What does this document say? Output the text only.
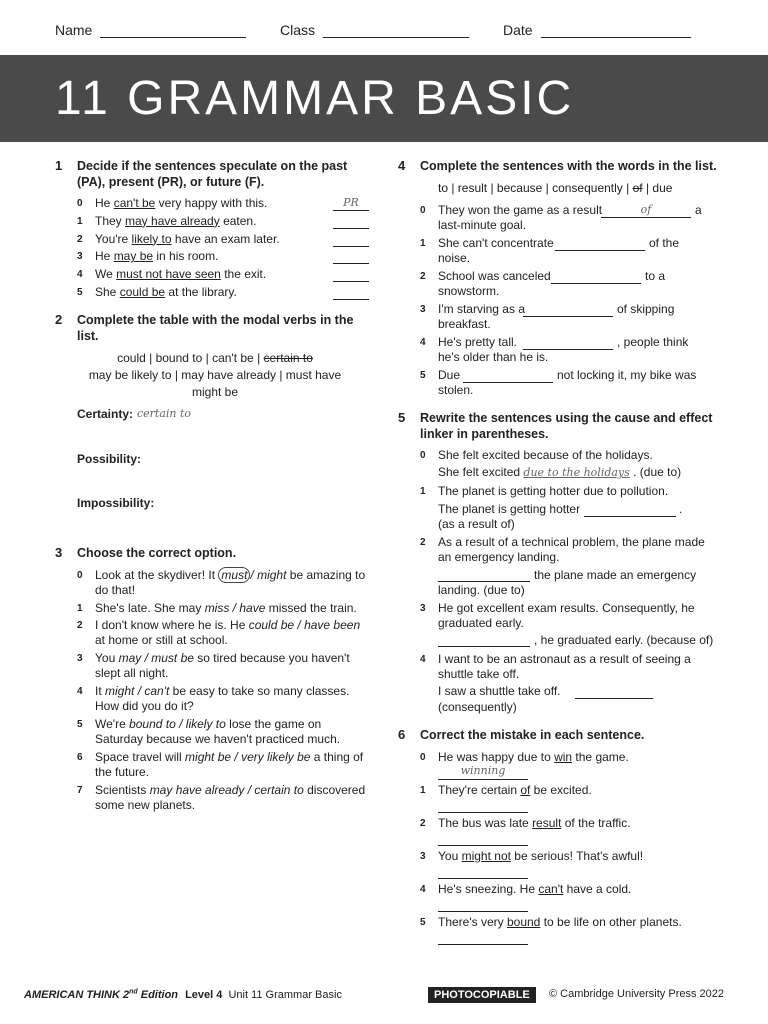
Name	Class	Date
11 GRAMMAR BASIC
1 Decide if the sentences speculate on the past (PA), present (PR), or future (F).
0 He can't be very happy with this.	PR
1 They may have already eaten.
2 You're likely to have an exam later.
3 He may be in his room.
4 We must not have seen the exit.
5 She could be at the library.
2 Complete the table with the modal verbs in the list.
could | bound to | can't be | certain to
may be likely to | may have already | must have
might be
Certainty: certain to
Possibility:
Impossibility:
3 Choose the correct option.
0 Look at the skydiver! It must / might be amazing to
do that!
1 She's late. She may miss / have missed the train.
2 I don't know where he is. He could be / have been
at home or still at school.
3 You may / must be so tired because you haven't
slept all night.
4 It might / can't be easy to take so many classes.
How did you do it?
5 We're bound to / likely to lose the game on
Saturday because we haven't practiced much.
6 Space travel will might be / very likely be a thing of
the future.
7 Scientists may have already / certain to discovered
some new planets.
4 Complete the sentences with the words in the list.
to | result | because | consequently | of | due
0 They won the game as a result	of	a
last-minute goal.
1 She can't concentrate	of the
noise.
2 School was canceled	to a
snowstorm.
3 I'm starving as a	of skipping
breakfast.
4 He's pretty tall.	, people think
he's older than he is.
5 Due	not locking it, my bike was
stolen.
5 Rewrite the sentences using the cause and effect linker in parentheses.
0 She felt excited because of the holidays.
She felt excited due to the holidays . (due to)
1 The planet is getting hotter due to pollution.
The planet is getting hotter	.
(as a result of)
2 As a result of a technical problem, the plane made
an emergency landing.
the plane made an emergency
landing. (due to)
3 He got excellent exam results. Consequently, he
graduated early.
, he graduated early. (because of)
4 I want to be an astronaut as a result of seeing a
shuttle take off.
I saw a shuttle take off.
(consequently)
6 Correct the mistake in each sentence.
0 He was happy due to win the game.
winning
1 They're certain of be excited.
2 The bus was late result of the traffic.
3 You might not be serious! That's awful!
4 He's sneezing. He can't have a cold.
5 There's very bound to be life on other planets.
AMERICAN THINK 2nd Edition Level 4 Unit 11 Grammar Basic	PHOTOCOPIABLE	© Cambridge University Press 2022
